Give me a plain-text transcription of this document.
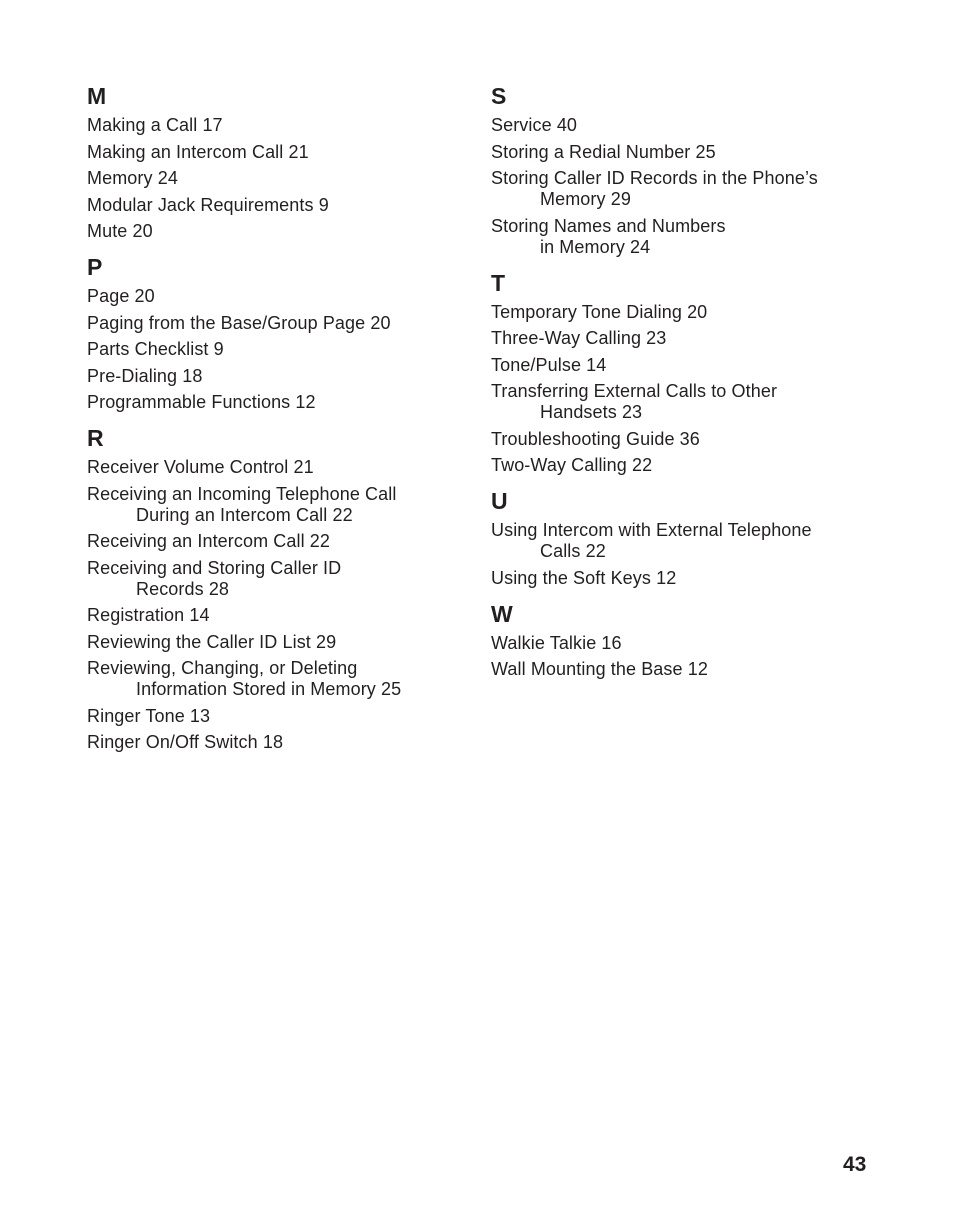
M
Making a Call 17
Making an Intercom Call 21
Memory 24
Modular Jack Requirements 9
Mute 20
P
Page 20
Paging from the Base/Group Page 20
Parts Checklist 9
Pre-Dialing 18
Programmable Functions 12
R
Receiver Volume Control 21
Receiving an Incoming Telephone Call
During an Intercom Call 22
Receiving an Intercom Call 22
Receiving and Storing Caller ID
Records 28
Registration 14
Reviewing the Caller ID List 29
Reviewing, Changing, or Deleting
Information Stored in Memory 25
Ringer Tone 13
Ringer On/Off Switch 18
S
Service 40
Storing a Redial Number 25
Storing Caller ID Records in the Phone’s
Memory 29
Storing Names and Numbers
in Memory 24
T
Temporary Tone Dialing 20
Three-Way Calling 23
Tone/Pulse 14
Transferring External Calls to Other
Handsets 23
Troubleshooting Guide 36
Two-Way Calling 22
U
Using Intercom with External Telephone
Calls 22
Using the Soft Keys 12
W
Walkie Talkie 16
Wall Mounting the Base 12
43
